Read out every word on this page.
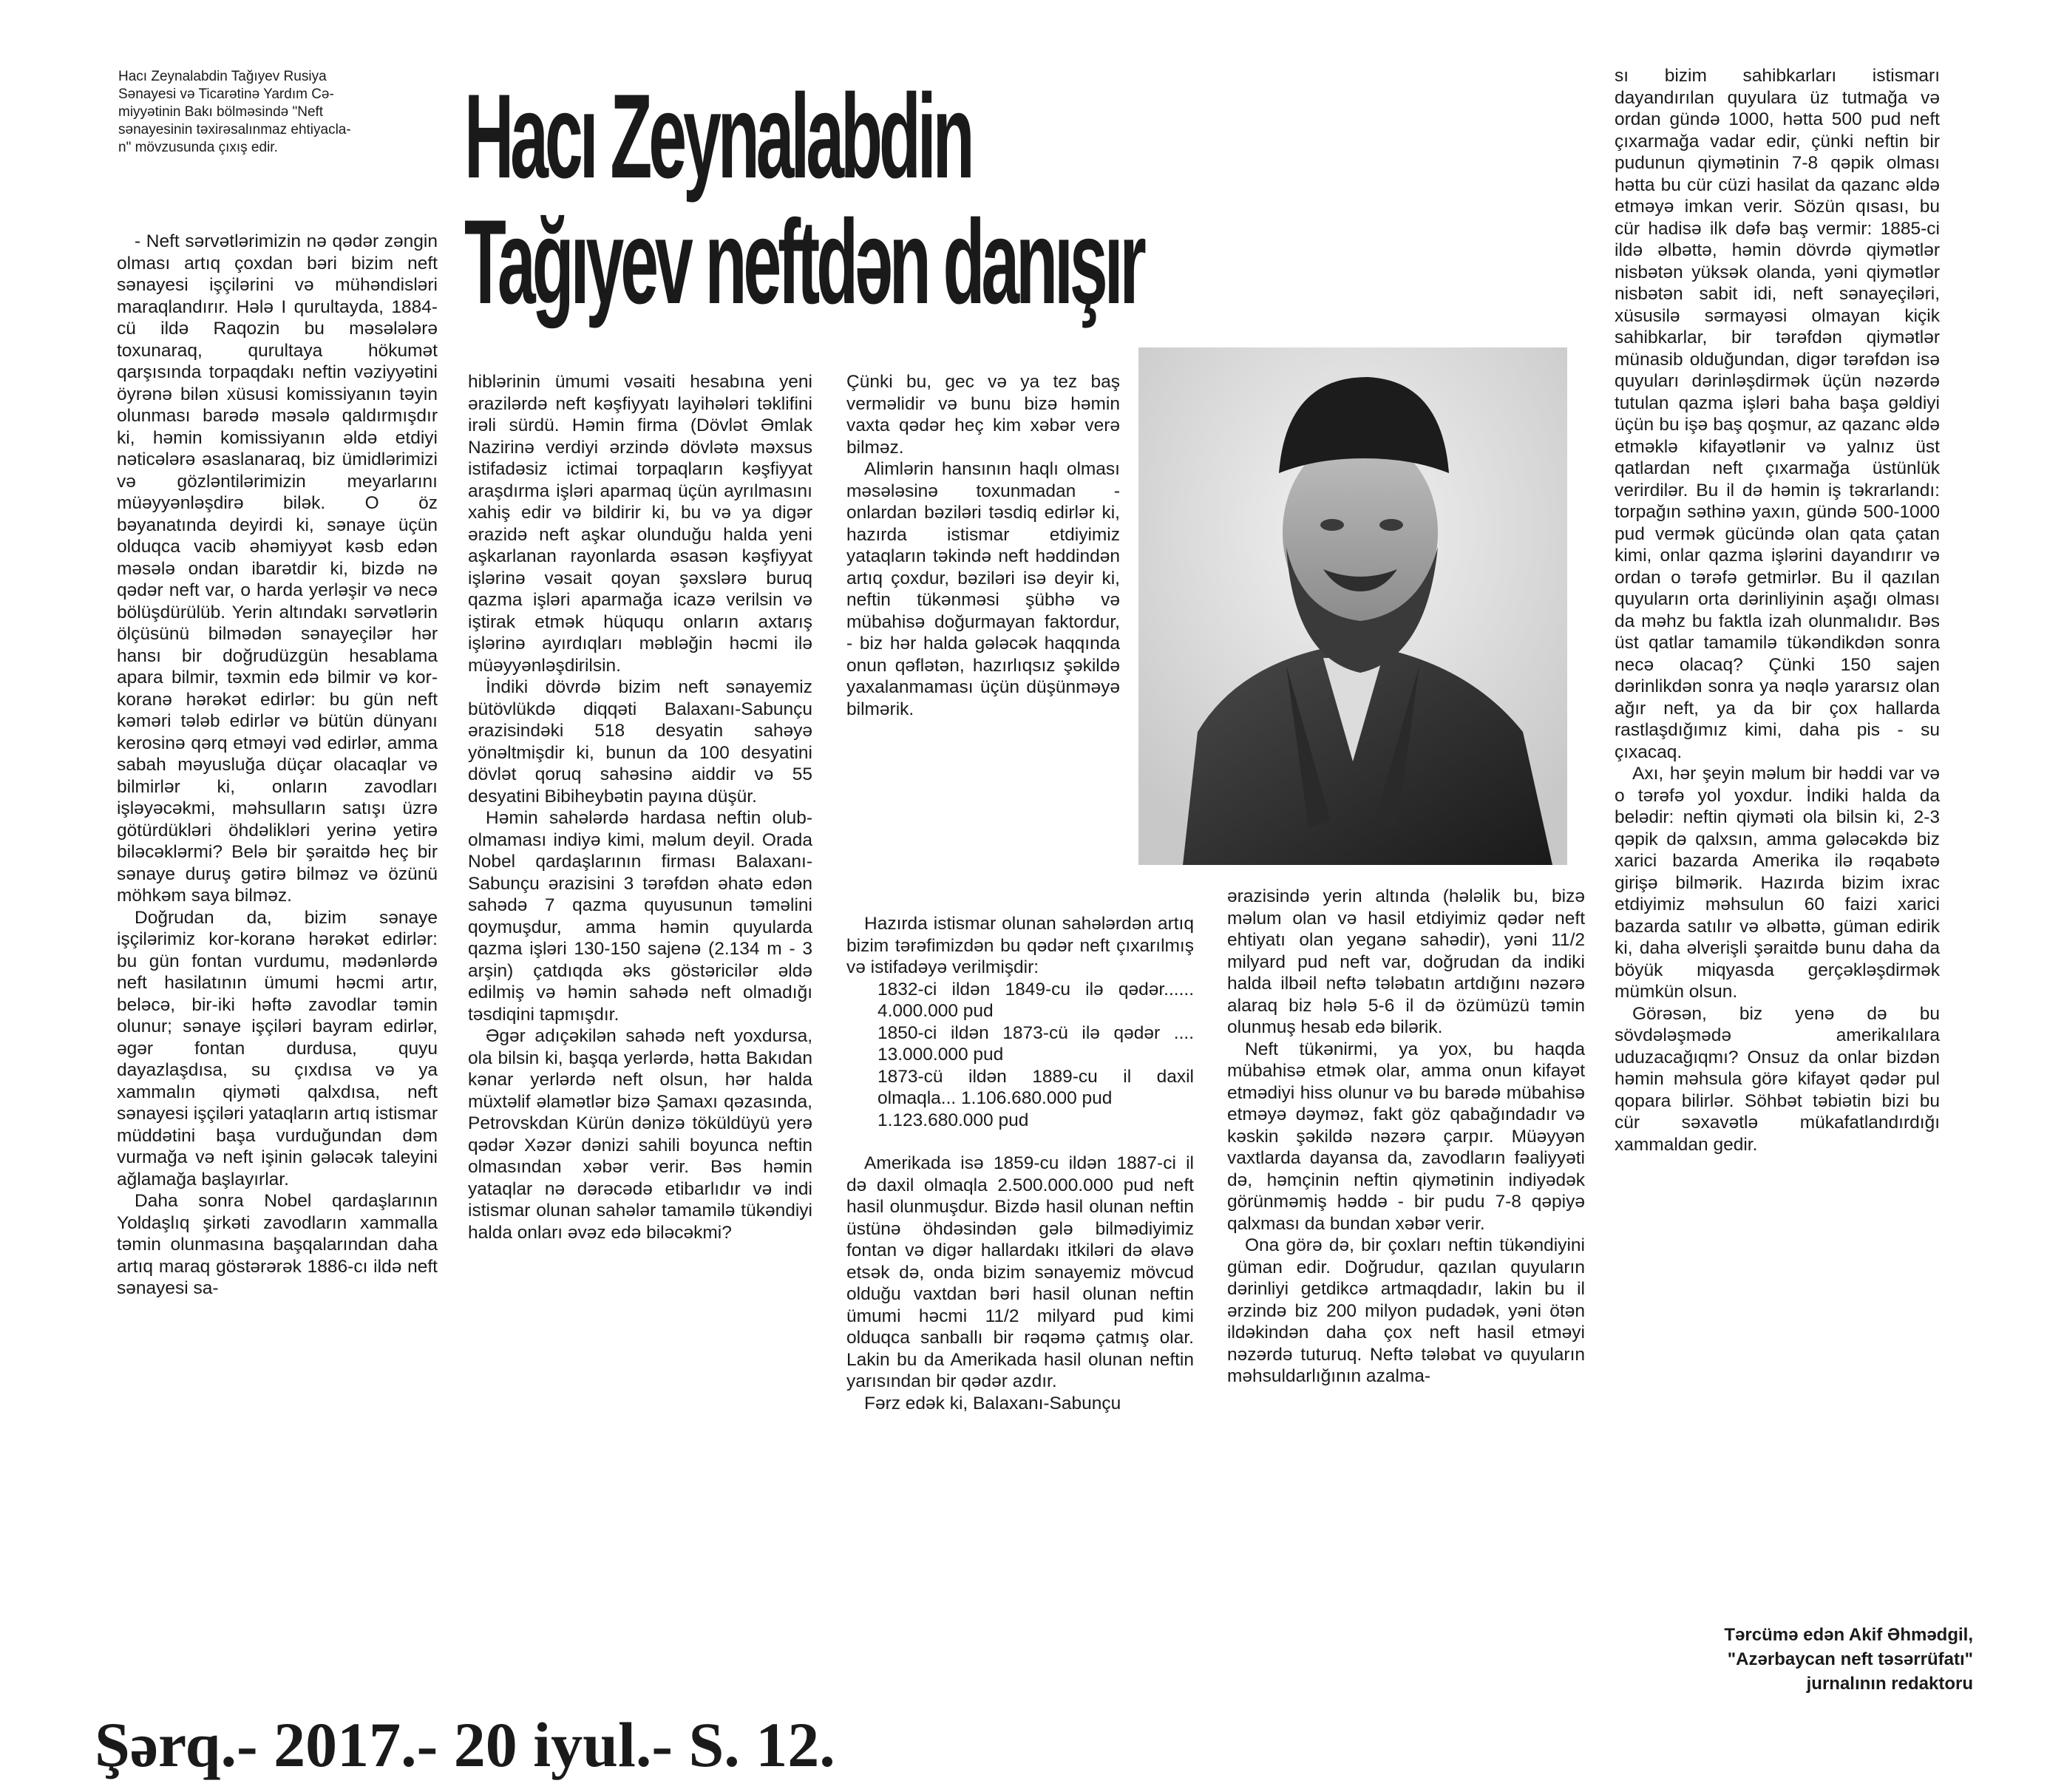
Hacı Zeynalabdin Tağıyev Rusiya
Sənayesi və Ticarətinə Yardım Cə-
miyyətinin Bakı bölməsində "Neft
sənayesinin təxirəsalınmaz ehtiyacla-
n" mövzusunda çıxış edir.	Hacı Zeynalabdin
Tağıyev neftdən danışır

- Neft sərvətlərimizin nə qədər zəngin olması artıq çoxdan bəri bizim neft sənayesi işçilərini və mühəndisləri maraqlandırır. Hələ I qurultayda, 1884-cü ildə Raqozin bu məsələlərə toxunaraq, qurultaya hökumət qarşısında torpaqdakı neftin vəziyyətini öyrənə bilən xüsusi komissiyanın təyin olunması barədə məsələ qaldırmışdır ki, həmin komissiyanın əldə etdiyi nəticələrə əsaslanaraq, biz ümidlərimizi və gözləntilərimizin meyarlarını müəyyənləşdirə bilək. O öz bəyanatında deyirdi ki, sənaye üçün olduqca vacib əhəmiyyət kəsb edən məsələ ondan ibarətdir ki, bizdə nə qədər neft var, o harda yerləşir və necə bölüşdürülüb. Yerin altındakı sərvətlərin ölçüsünü bilmədən sənayeçilər hər hansı bir doğrudüzgün hesablama apara bilmir, təxmin edə bilmir və kor-koranə hərəkət edirlər: bu gün neft kəməri tələb edirlər və bütün dünyanı kerosinə qərq etməyi vəd edirlər, amma sabah məyusluğa düçar olacaqlar və bilmirlər ki, onların zavodları işləyəcəkmi, məhsulların satışı üzrə götürdükləri öhdəlikləri yerinə yetirə biləcəklərmi? Belə bir şəraitdə heç bir sənaye duruş gətirə bilməz və özünü möhkəm saya bilməz.

Doğrudan da, bizim sənaye işçilərimiz kor-koranə hərəkət edirlər: bu gün fontan vurdumu, mədənlərdə neft hasilatının ümumi həcmi artır, beləcə, bir-iki həftə zavodlar təmin olunur; sənaye işçiləri bayram edirlər, əgər fontan durdusa, quyu dayazlaşdısa, su çıxdısa və ya xammalın qiyməti qalxdısa, neft sənayesi işçiləri yataqların artıq istismar müddətini başa vurduğundan dəm vurmağa və neft işinin gələcək taleyini ağlamağa başlayırlar.

Daha sonra Nobel qardaşlarının Yoldaşlıq şirkəti zavodların xammalla təmin olunmasına başqalarından daha artıq maraq göstərərək 1886-cı ildə neft sənayesi sa-

hiblərinin ümumi vəsaiti hesabına yeni ərazilərdə neft kəşfiyyatı layihələri təklifini irəli sürdü. Həmin firma (Dövlət Əmlak Nazirinə verdiyi ərzində dövlətə məxsus istifadəsiz ictimai torpaqların kəşfiyyat araşdırma işləri aparmaq üçün ayrılmasını xahiş edir və bildirir ki, bu və ya digər ərazidə neft aşkar olunduğu halda yeni aşkarlanan rayonlarda əsasən kəşfiyyat işlərinə vəsait qoyan şəxslərə buruq qazma işləri aparmağa icazə verilsin və iştirak etmək hüququ onların axtarış işlərinə ayırdıqları məbləğin həcmi ilə müəyyənləşdirilsin.

İndiki dövrdə bizim neft sənayemiz bütövlükdə diqqəti Balaxanı-Sabunçu ərazisindəki 518 desyatin sahəyə yönəltmişdir ki, bunun da 100 desyatini dövlət qoruq sahəsinə aiddir və 55 desyatini Bibiheybətin payına düşür.

Həmin sahələrdə hardasa neftin olub-olmaması indiyə kimi, məlum deyil. Orada Nobel qardaşlarının firması Balaxanı-Sabunçu ərazisini 3 tərəfdən əhatə edən sahədə 7 qazma quyusunun təməlini qoymuşdur, amma həmin quyularda qazma işləri 130-150 sajenə (2.134 m - 3 arşin) çatdıqda əks göstəricilər əldə edilmiş və həmin sahədə neft olmadığı təsdiqini tapmışdır.

Əgər adıçəkilən sahədə neft yoxdursa, ola bilsin ki, başqa yerlərdə, hətta Bakıdan kənar yerlərdə neft olsun, hər halda müxtəlif əlamətlər bizə Şamaxı qəzasında, Petrovskdan Kürün dənizə töküldüyü yerə qədər Xəzər dənizi sahili boyunca neftin olmasından xəbər verir. Bəs həmin yataqlar nə dərəcədə etibarlıdır və indi istismar olunan sahələr tamamilə tükəndiyi halda onları əvəz edə biləcəkmi?

Çünki bu, gec və ya tez baş verməlidir və bunu bizə həmin vaxta qədər heç kim xəbər verə bilməz.

Alimlərin hansının haqlı olması məsələsinə toxunmadan - onlardan bəziləri təsdiq edirlər ki, hazırda istismar etdiyimiz yataqların təkində neft həddindən artıq çoxdur, bəziləri isə deyir ki, neftin tükənməsi şübhə və mübahisə doğurmayan faktordur, - biz hər halda gələcək haqqında onun qəflətən, hazırlıqsız şəkildə yaxalanmaması üçün düşünməyə bilmərik.

Hazırda istismar olunan sahələrdən artıq bizim tərəfimizdən bu qədər neft çıxarılmış və istifadəyə verilmişdir:

1832-ci ildən 1849-cu ilə qədər...... 4.000.000 pud

1850-ci ildən 1873-cü ilə qədər .... 13.000.000 pud

1873-cü ildən 1889-cu il daxil olmaqla... 1.106.680.000 pud

1.123.680.000 pud

Amerikada isə 1859-cu ildən 1887-ci il də daxil olmaqla 2.500.000.000 pud neft hasil olunmuşdur. Bizdə hasil olunan neftin üstünə öhdəsindən gələ bilmədiyimiz fontan və digər hallardakı itkiləri də əlavə etsək də, onda bizim sənayemiz mövcud olduğu vaxtdan bəri hasil olunan neftin ümumi həcmi 11/2 milyard pud kimi olduqca sanballı bir rəqəmə çatmış olar. Lakin bu da Amerikada hasil olunan neftin yarısından bir qədər azdır.

Fərz edək ki, Balaxanı-Sabunçu

ərazisində yerin altında (hələlik bu, bizə məlum olan və hasil etdiyimiz qədər neft ehtiyatı olan yeganə sahədir), yəni 11/2 milyard pud neft var, doğrudan da indiki halda ilbəil neftə tələbatın artdığını nəzərə alaraq biz hələ 5-6 il də özümüzü təmin olunmuş hesab edə bilərik.

Neft tükənirmi, ya yox, bu haqda mübahisə etmək olar, amma onun kifayət etmədiyi hiss olunur və bu barədə mübahisə etməyə dəyməz, fakt göz qabağındadır və kəskin şəkildə nəzərə çarpır. Müəyyən vaxtlarda dayansa da, zavodların fəaliyyəti də, həmçinin neftin qiymətinin indiyədək görünməmiş həddə - bir pudu 7-8 qəpiyə qalxması da bundan xəbər verir.

Ona görə də, bir çoxları neftin tükəndiyini güman edir. Doğrudur, qazılan quyuların dərinliyi getdikcə artmaqdadır, lakin bu il ərzində biz 200 milyon pudadək, yəni ötən ildəkindən daha çox neft hasil etməyi nəzərdə tuturuq. Neftə tələbat və quyuların məhsuldarlığının azalma-

sı bizim sahibkarları istismarı dayandırılan quyulara üz tutmağa və ordan gündə 1000, hətta 500 pud neft çıxarmağa vadar edir, çünki neftin bir pudunun qiymətinin 7-8 qəpik olması hətta bu cür cüzi hasilat da qazanc əldə etməyə imkan verir. Sözün qısası, bu cür hadisə ilk dəfə baş vermir: 1885-ci ildə əlbəttə, həmin dövrdə qiymətlər nisbətən yüksək olanda, yəni qiymətlər nisbətən sabit idi, neft sənayeçiləri, xüsusilə sərmayəsi olmayan kiçik sahibkarlar, bir tərəfdən qiymətlər münasib olduğundan, digər tərəfdən isə quyuları dərinləşdirmək üçün nəzərdə tutulan qazma işləri baha başa gəldiyi üçün bu işə baş qoşmur, az qazanc əldə etməklə kifayətlənir və yalnız üst qatlardan neft çıxarmağa üstünlük verirdilər. Bu il də həmin iş təkrarlandı: torpağın səthinə yaxın, gündə 500-1000 pud vermək gücündə olan qata çatan kimi, onlar qazma işlərini dayandırır və ordan o tərəfə getmirlər. Bu il qazılan quyuların orta dərinliyinin aşağı olması da məhz bu faktla izah olunmalıdır. Bəs üst qatlar tamamilə tükəndikdən sonra necə olacaq? Çünki 150 sajen dərinlikdən sonra ya nəqlə yararsız olan ağır neft, ya da bir çox hallarda rastlaşdığımız kimi, daha pis - su çıxacaq.

Axı, hər şeyin məlum bir həddi var və o tərəfə yol yoxdur. İndiki halda da belədir: neftin qiyməti ola bilsin ki, 2-3 qəpik də qalxsın, amma gələcəkdə biz xarici bazarda Amerika ilə rəqabətə girişə bilmərik. Hazırda bizim ixrac etdiyimiz məhsulun 60 faizi xarici bazarda satılır və əlbəttə, güman edirik ki, daha əlverişli şəraitdə bunu daha da böyük miqyasda gerçəkləşdirmək mümkün olsun.

Görəsən, biz yenə də bu sövdələşmədə amerikalılara uduzacağıqmı? Onsuz da onlar bizdən həmin məhsula görə kifayət qədər pul qopara bilirlər. Söhbət təbiətin bizi bu cür səxavətlə mükafatlandırdığı xammaldan gedir.

Tərcümə edən Akif Əhmədgil,
"Azərbaycan neft təsərrüfatı"
jurnalının redaktoru

Şərq.- 2017.- 20 iyul.- S. 12.
